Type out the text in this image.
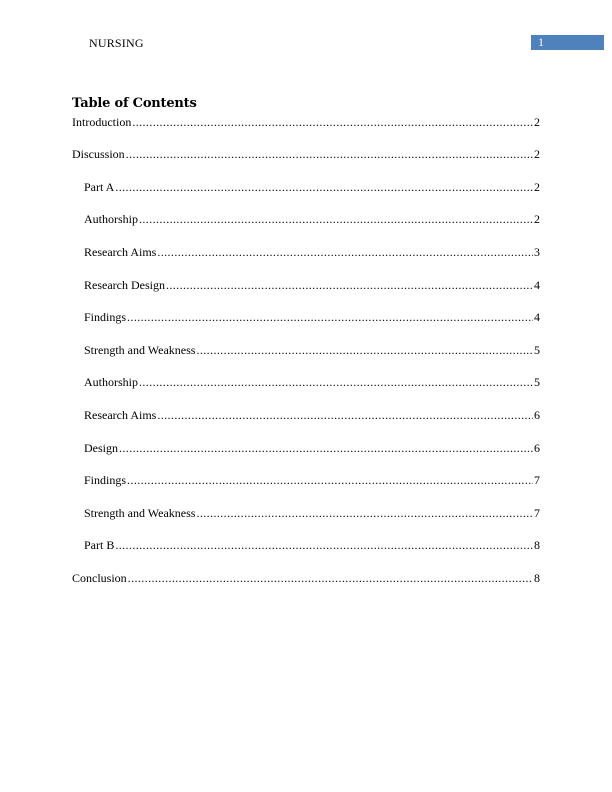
NURSING	1
Table of Contents
Introduction .....	2
Discussion .....	2
Part A .....	2
Authorship .....	2
Research Aims .....	3
Research Design .....	4
Findings .....	4
Strength and Weakness .....	5
Authorship .....	5
Research Aims .....	6
Design .....	6
Findings .....	7
Strength and Weakness .....	7
Part B .....	8
Conclusion .....	8
